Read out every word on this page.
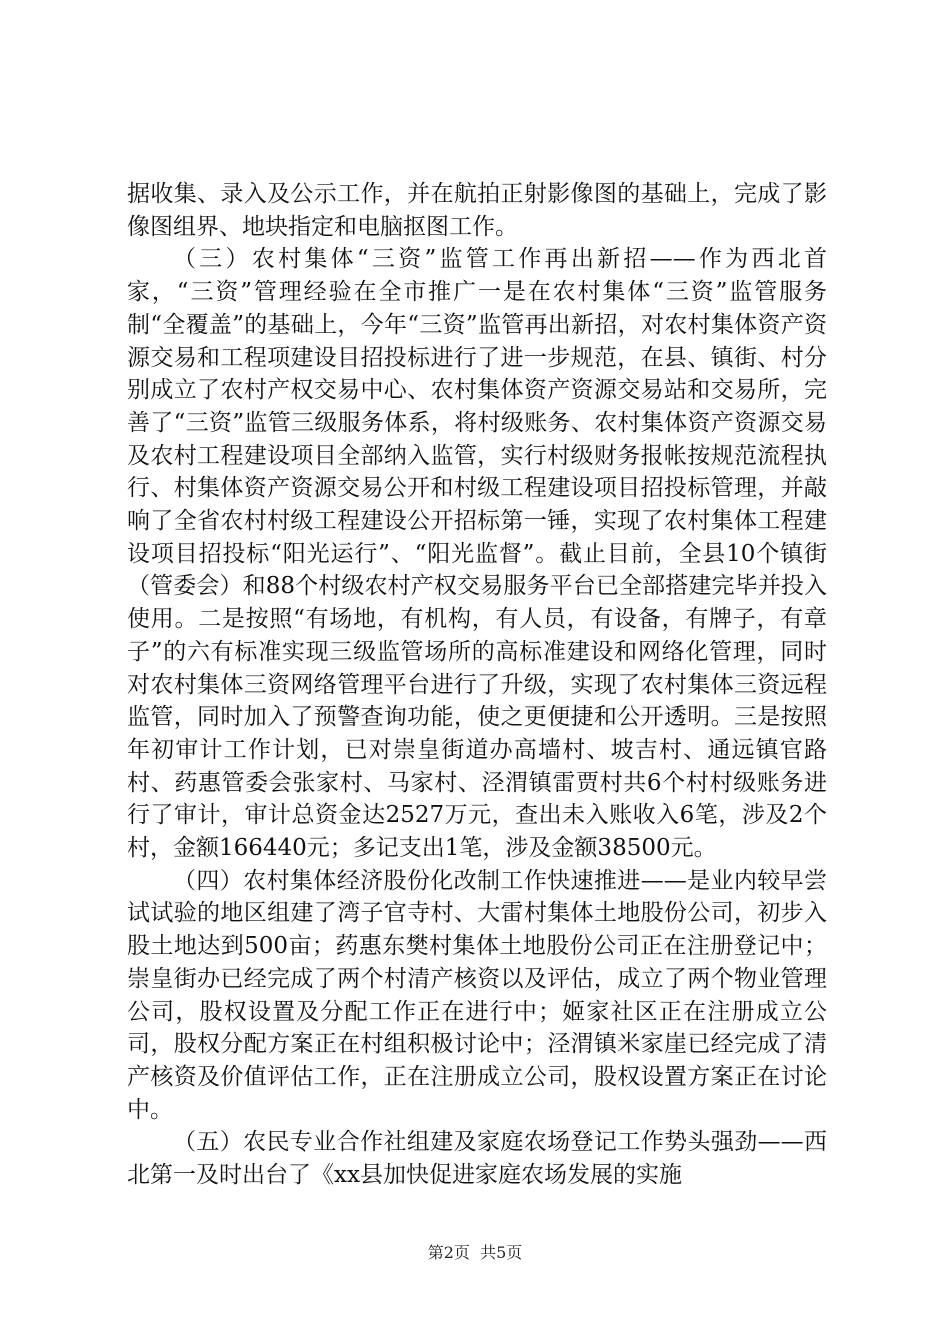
据收集、录入及公示工作，并在航拍正射影像图的基础上，完成了影像图组界、地块指定和电脑抠图工作。

（三）农村集体“三资”监管工作再出新招——作为西北首家，“三资”管理经验在全市推广一是在农村集体“三资”监管服务制“全覆盖”的基础上，今年“三资”监管再出新招，对农村集体资产资源交易和工程项建设目招投标进行了进一步规范，在县、镇街、村分别成立了农村产权交易中心、农村集体资产资源交易站和交易所，完善了“三资”监管三级服务体系，将村级账务、农村集体资产资源交易及农村工程建设项目全部纳入监管，实行村级财务报帐按规范流程执行、村集体资产资源交易公开和村级工程建设项目招投标管理，并敲响了全省农村村级工程建设公开招标第一锤，实现了农村集体工程建设项目招投标“阳光运行”、“阳光监督”。截止目前，全县10个镇街（管委会）和88个村级农村产权交易服务平台已全部搭建完毕并投入使用。二是按照“有场地，有机构，有人员，有设备，有牌子，有章子”的六有标准实现三级监管场所的高标准建设和网络化管理，同时对农村集体三资网络管理平台进行了升级，实现了农村集体三资远程监管，同时加入了预警查询功能，使之更便捷和公开透明。三是按照年初审计工作计划，已对崇皇街道办高墙村、坡吉村、通远镇官路村、药惠管委会张家村、马家村、泾渭镇雷贾村共6个村村级账务进行了审计，审计总资金达2527万元，查出未入账收入6笔，涉及2个村，金额166440元；多记支出1笔，涉及金额38500元。

（四）农村集体经济股份化改制工作快速推进——是业内较早尝试试验的地区组建了湾子官寺村、大雷村集体土地股份公司，初步入股土地达到500亩；药惠东樊村集体土地股份公司正在注册登记中；崇皇街办已经完成了两个村清产核资以及评估，成立了两个物业管理公司，股权设置及分配工作正在进行中；姬家社区正在注册成立公司，股权分配方案正在村组积极讨论中；泾渭镇米家崖已经完成了清产核资及价值评估工作，正在注册成立公司，股权设置方案正在讨论中。

（五）农民专业合作社组建及家庭农场登记工作势头强劲——西北第一及时出台了《xx县加快促进家庭农场发展的实施

第2页 共5页
